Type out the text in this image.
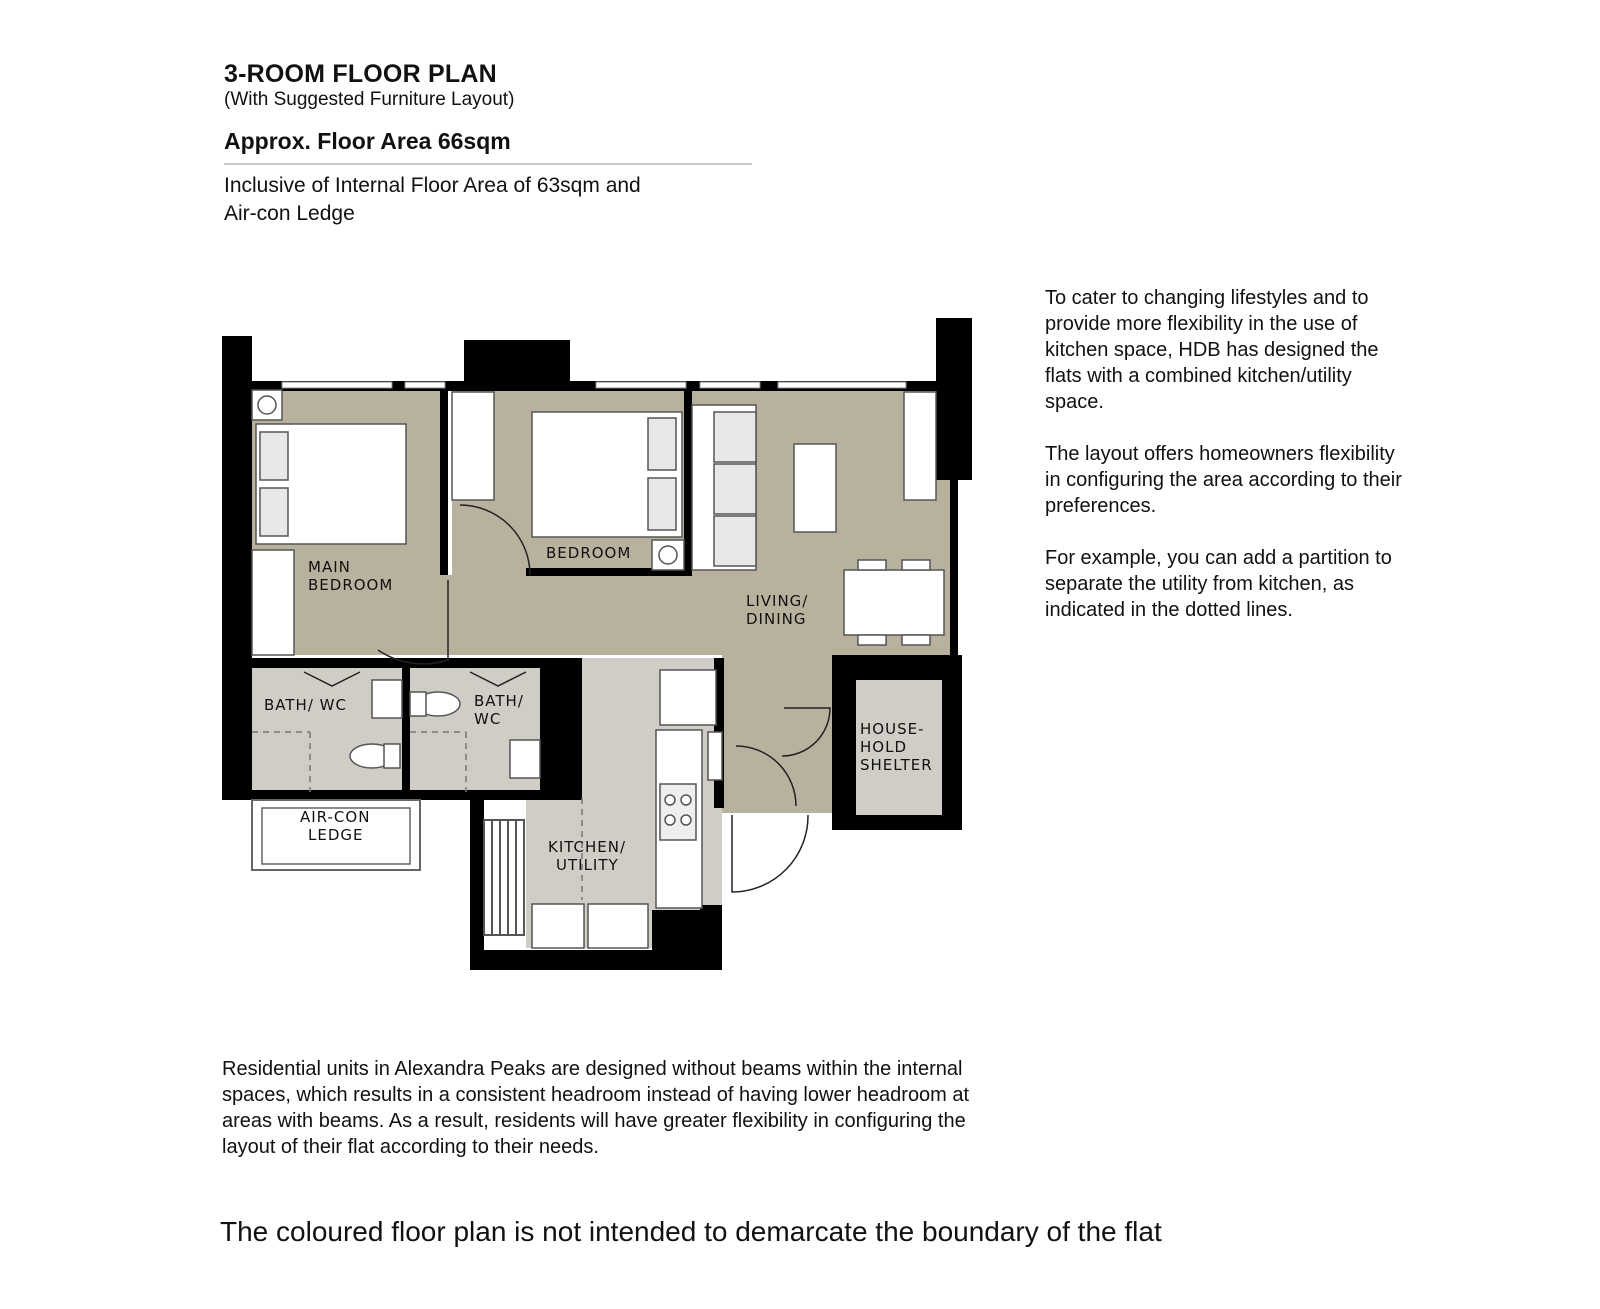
3-ROOM FLOOR PLAN
(With Suggested Furniture Layout)
Approx. Floor Area 66sqm
Inclusive of Internal Floor Area of 63sqm and
Air-con Ledge

To cater to changing lifestyles and to provide more flexibility in the use of kitchen space, HDB has designed the flats with a combined kitchen/utility space.

The layout offers homeowners flexibility in configuring the area according to their preferences.

For example, you can add a partition to separate the utility from kitchen, as indicated in the dotted lines.

MAIN
BEDROOM
BEDROOM
LIVING/
DINING
BATH/ WC	BATH/
WC
HOUSE-
HOLD
SHELTER
AIR-CON
LEDGE
KITCHEN/
UTILITY
Residential units in Alexandra Peaks are designed without beams within the internal spaces, which results in a consistent headroom instead of having lower headroom at areas with beams. As a result, residents will have greater flexibility in configuring the layout of their flat according to their needs.
The coloured floor plan is not intended to demarcate the boundary of the flat
